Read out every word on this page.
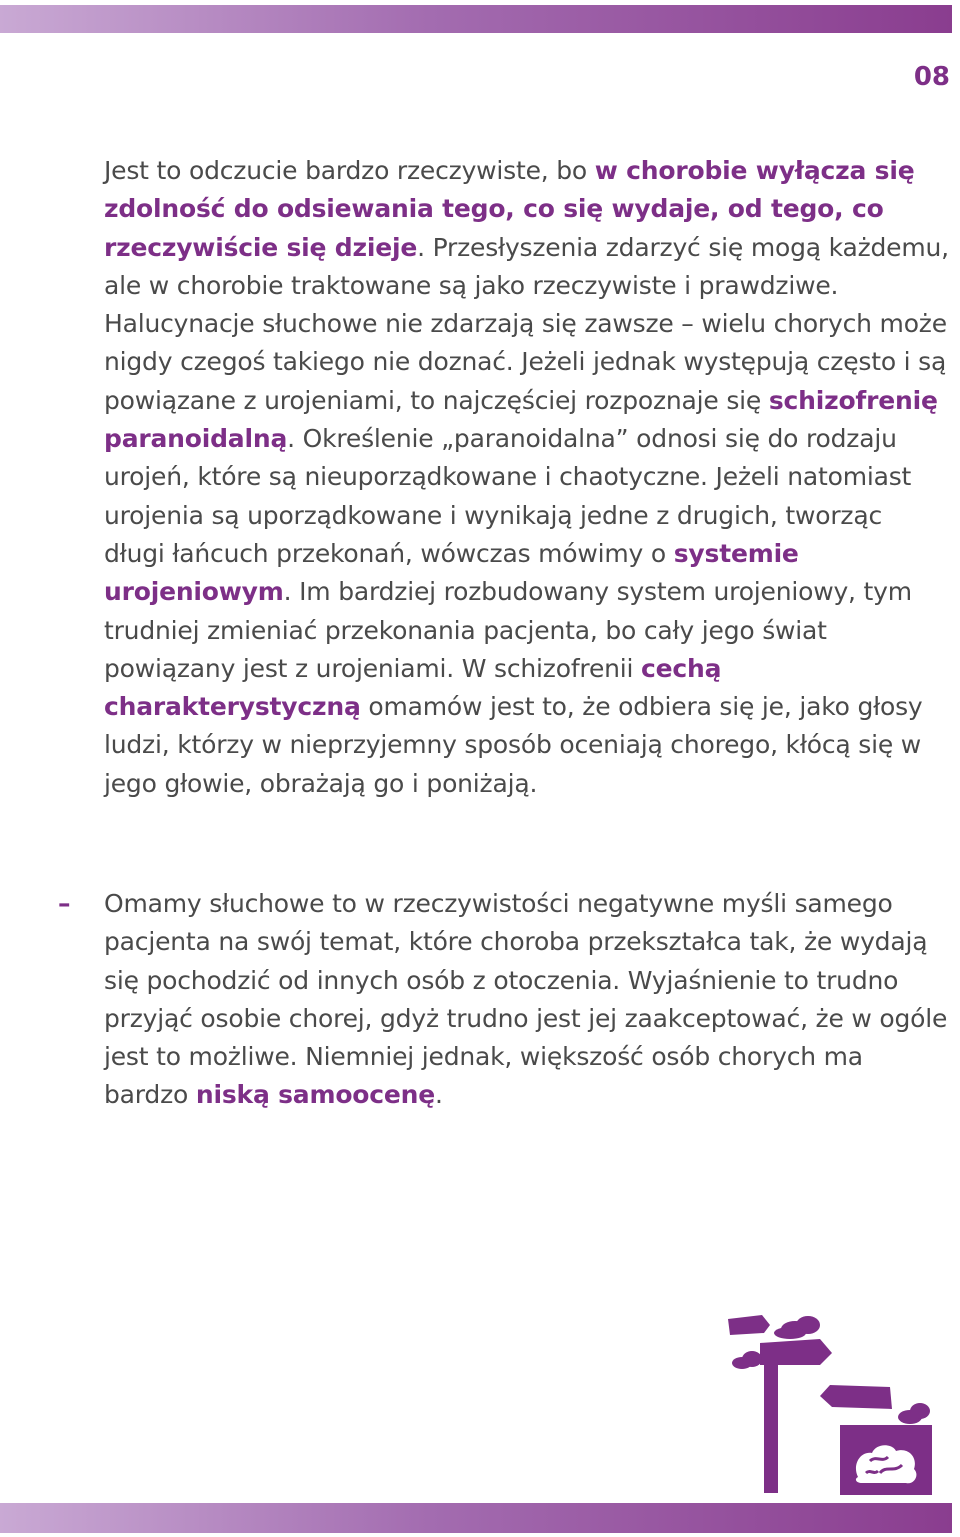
08

Jest to odczucie bardzo rzeczywiste, bo w chorobie wyłącza się zdolność do odsiewania tego, co się wydaje, od tego, co rzeczywiście się dzieje. Przesłyszenia zdarzyć się mogą każdemu, ale w chorobie traktowane są jako rzeczywiste i prawdziwe. Halucynacje słuchowe nie zdarzają się zawsze – wielu chorych może nigdy czegoś takiego nie doznać. Jeżeli jednak występują często i są powiązane z urojeniami, to najczęściej rozpoznaje się schizofrenię paranoidalną. Określenie „paranoidalna” odnosi się do rodzaju urojeń, które są nieuporządkowane i chaotyczne. Jeżeli natomiast urojenia są uporządkowane i wynikają jedne z drugich, tworząc długi łańcuch przekonań, wówczas mówimy o systemie urojeniowym. Im bardziej rozbudowany system urojeniowy, tym trudniej zmieniać przekonania pacjenta, bo cały jego świat powiązany jest z urojeniami. W schizofrenii cechą charakterystyczną omamów jest to, że odbiera się je, jako głosy ludzi, którzy w nieprzyjemny sposób oceniają chorego, kłócą się w jego głowie, obrażają go i poniżają.

– Omamy słuchowe to w rzeczywistości negatywne myśli samego pacjenta na swój temat, które choroba przekształca tak, że wydają się pochodzić od innych osób z otoczenia. Wyjaśnienie to trudno przyjąć osobie chorej, gdyż trudno jest jej zaakceptować, że w ogóle jest to możliwe. Niemniej jednak, większość osób chorych ma bardzo niską samoocenę.
